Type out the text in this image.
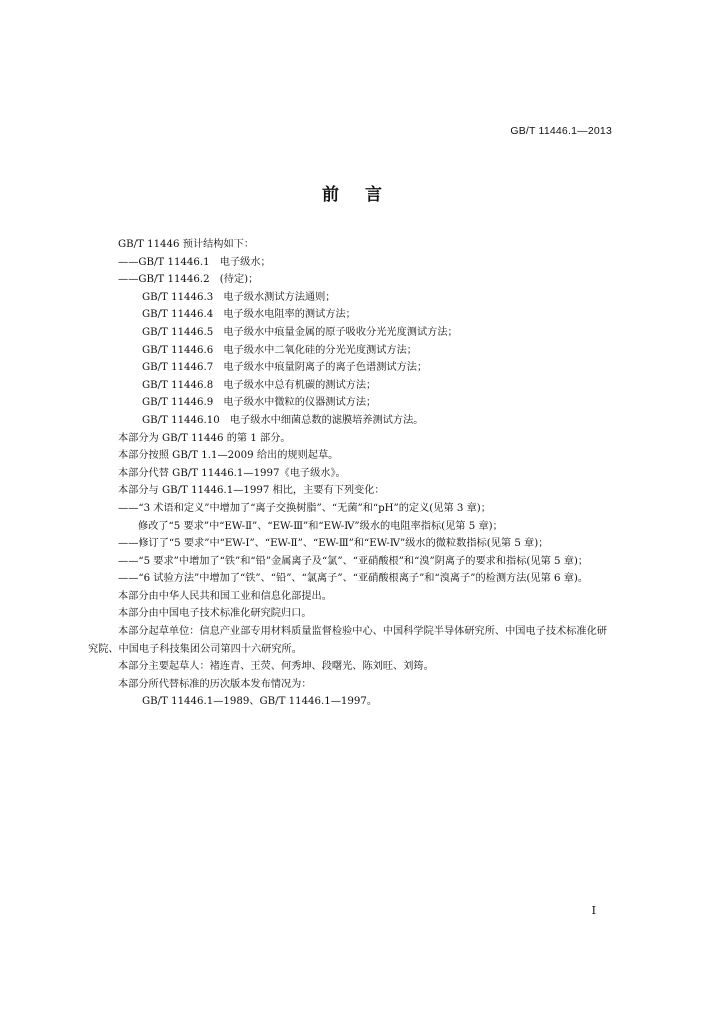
GB/T 11446.1—2013
前言
GB/T 11446 预计结构如下：
——GB/T 11446.1　电子级水；
——GB/T 11446.2　(待定)；
GB/T 11446.3　电子级水测试方法通则；
GB/T 11446.4　电子级水电阻率的测试方法；
GB/T 11446.5　电子级水中痕量金属的原子吸收分光光度测试方法；
GB/T 11446.6　电子级水中二氧化硅的分光光度测试方法；
GB/T 11446.7　电子级水中痕量阴离子的离子色谱测试方法；
GB/T 11446.8　电子级水中总有机碳的测试方法；
GB/T 11446.9　电子级水中微粒的仪器测试方法；
GB/T 11446.10　电子级水中细菌总数的滤膜培养测试方法。
本部分为 GB/T 11446 的第 1 部分。
本部分按照 GB/T 1.1—2009 给出的规则起草。
本部分代替 GB/T 11446.1—1997《电子级水》。
本部分与 GB/T 11446.1—1997 相比，主要有下列变化：
——“3 术语和定义”中增加了“离子交换树脂”、“无菌”和“pH”的定义(见第 3 章)；
修改了“5 要求”中“EW-Ⅱ”、“EW-Ⅲ”和“EW-Ⅳ”级水的电阻率指标(见第 5 章)；
——修订了“5 要求”中“EW-Ⅰ”、“EW-Ⅱ”、“EW-Ⅲ”和“EW-Ⅳ”级水的微粒数指标(见第 5 章)；
——“5 要求”中增加了“铁”和“铅”金属离子及“氯”、“亚硝酸根”和“溴”阴离子的要求和指标(见第 5 章)；
——“6 试验方法”中增加了“铁”、“铅”、“氯离子”、“亚硝酸根离子”和“溴离子”的检测方法(见第 6 章)。
本部分由中华人民共和国工业和信息化部提出。
本部分由中国电子技术标准化研究院归口。
本部分起草单位：信息产业部专用材料质量监督检验中心、中国科学院半导体研究所、中国电子技术标准化研究院、中国电子科技集团公司第四十六研究所。
本部分主要起草人：褚连青、王荧、何秀坤、段曙光、陈刘旺、刘筠。
本部分所代替标准的历次版本发布情况为：
GB/T 11446.1—1989、GB/T 11446.1—1997。
I
